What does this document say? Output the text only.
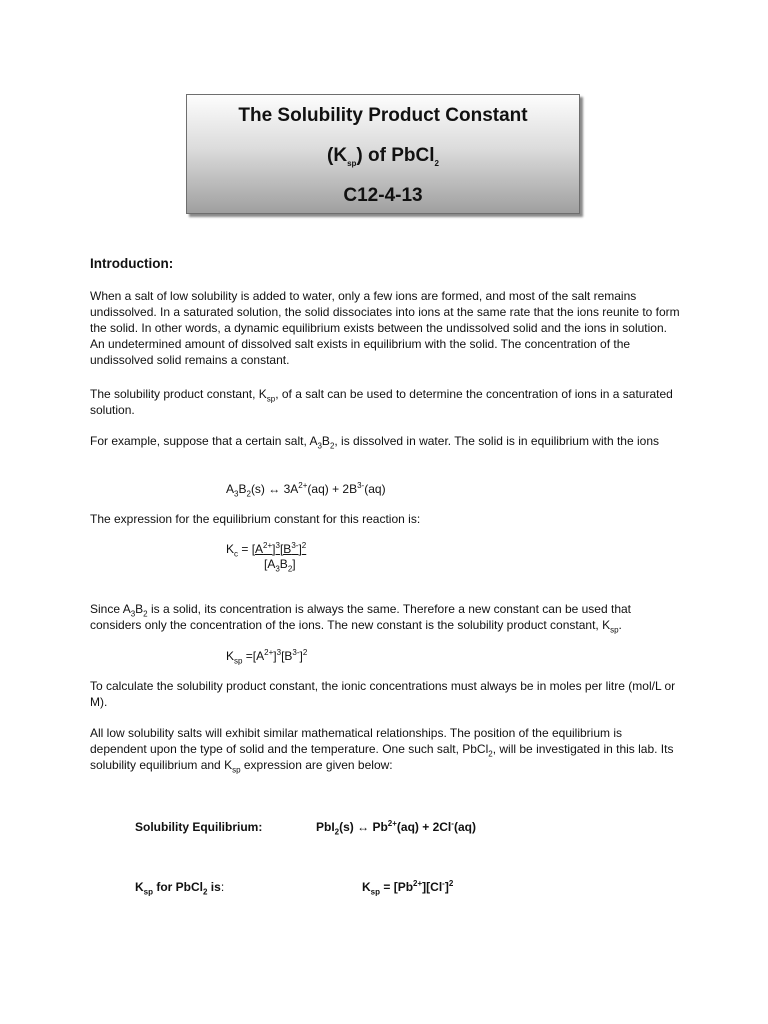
The Solubility Product Constant
$(K_{sp})$ of PbCl$_2$
C12-4-13
Introduction:

When a salt of low solubility is added to water, only a few ions are formed, and most of the salt remains undissolved. In a saturated solution, the solid dissociates into ions at the same rate that the ions reunite to form the solid. In other words, a dynamic equilibrium exists between the undissolved solid and the ions in solution. An undetermined amount of dissolved salt exists in equilibrium with the solid. The concentration of the undissolved solid remains a constant.

The solubility product constant, $K_{sp}$, of a salt can be used to determine the concentration of ions in a saturated solution.

For example, suppose that a certain salt, $A_3B_2$, is dissolved in water. The solid is in equilibrium with the ions

$A_3B_2(s)$ ↔ $3A^{2+}(aq) + 2B^{3-}(aq)$

The expression for the equilibrium constant for this reaction is:

$K_c = [A^{2+}]^3[B^{3-}]^2$
$[A_3B_2]$

Since $A_3B_2$ is a solid, its concentration is always the same. Therefore a new constant can be used that considers only the concentration of the ions. The new constant is the solubility product constant, $K_{sp}$.

$K_{sp} =[A^{2+}]^3[B^{3-}]^2$

To calculate the solubility product constant, the ionic concentrations must always be in moles per litre (mol/L or M).

All low solubility salts will exhibit similar mathematical relationships. The position of the equilibrium is dependent upon the type of solid and the temperature. One such salt, PbCl$_2$, will be investigated in this lab. Its solubility equilibrium and $K_{sp}$ expression are given below:

Solubility Equilibrium:	PbI$_2$(s) ↔ $Pb^{2+}(aq) + 2Cl^-(aq)$
$K_{sp}$ for PbCl$_2$ is:	$K_{sp} = [Pb^{2+}][Cl^-]^2$
